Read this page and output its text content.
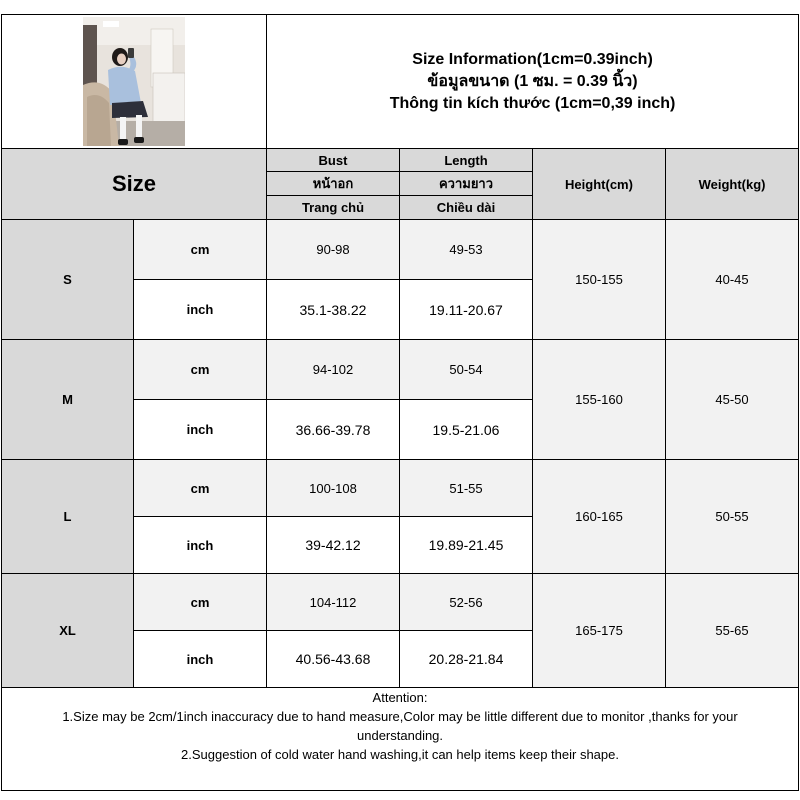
Size Information(1cm=0.39inch)
ข้อมูลขนาด (1 ซม. = 0.39 นิ้ว)
Thông tin kích thước (1cm=0,39 inch)			

Size		Bust	Length	Height(cm)	Weight(kg)
		หน้าอก	ความยาว		
		Trang chủ	Chiều dài		
S	cm	90-98	49-53	150-155	40-45
	inch	35.1-38.22	19.11-20.67		
M	cm	94-102	50-54	155-160	45-50
	inch	36.66-39.78	19.5-21.06		
L	cm	100-108	51-55	160-165	50-55
	inch	39-42.12	19.89-21.45		
XL	cm	104-112	52-56	165-175	55-65
	inch	40.56-43.68	20.28-21.84		

Attention:
1.Size may be 2cm/1inch inaccuracy due to hand measure,Color may be little different due to monitor ,thanks for your understanding.
2.Suggestion of cold water hand washing,it can help items keep their shape.					
